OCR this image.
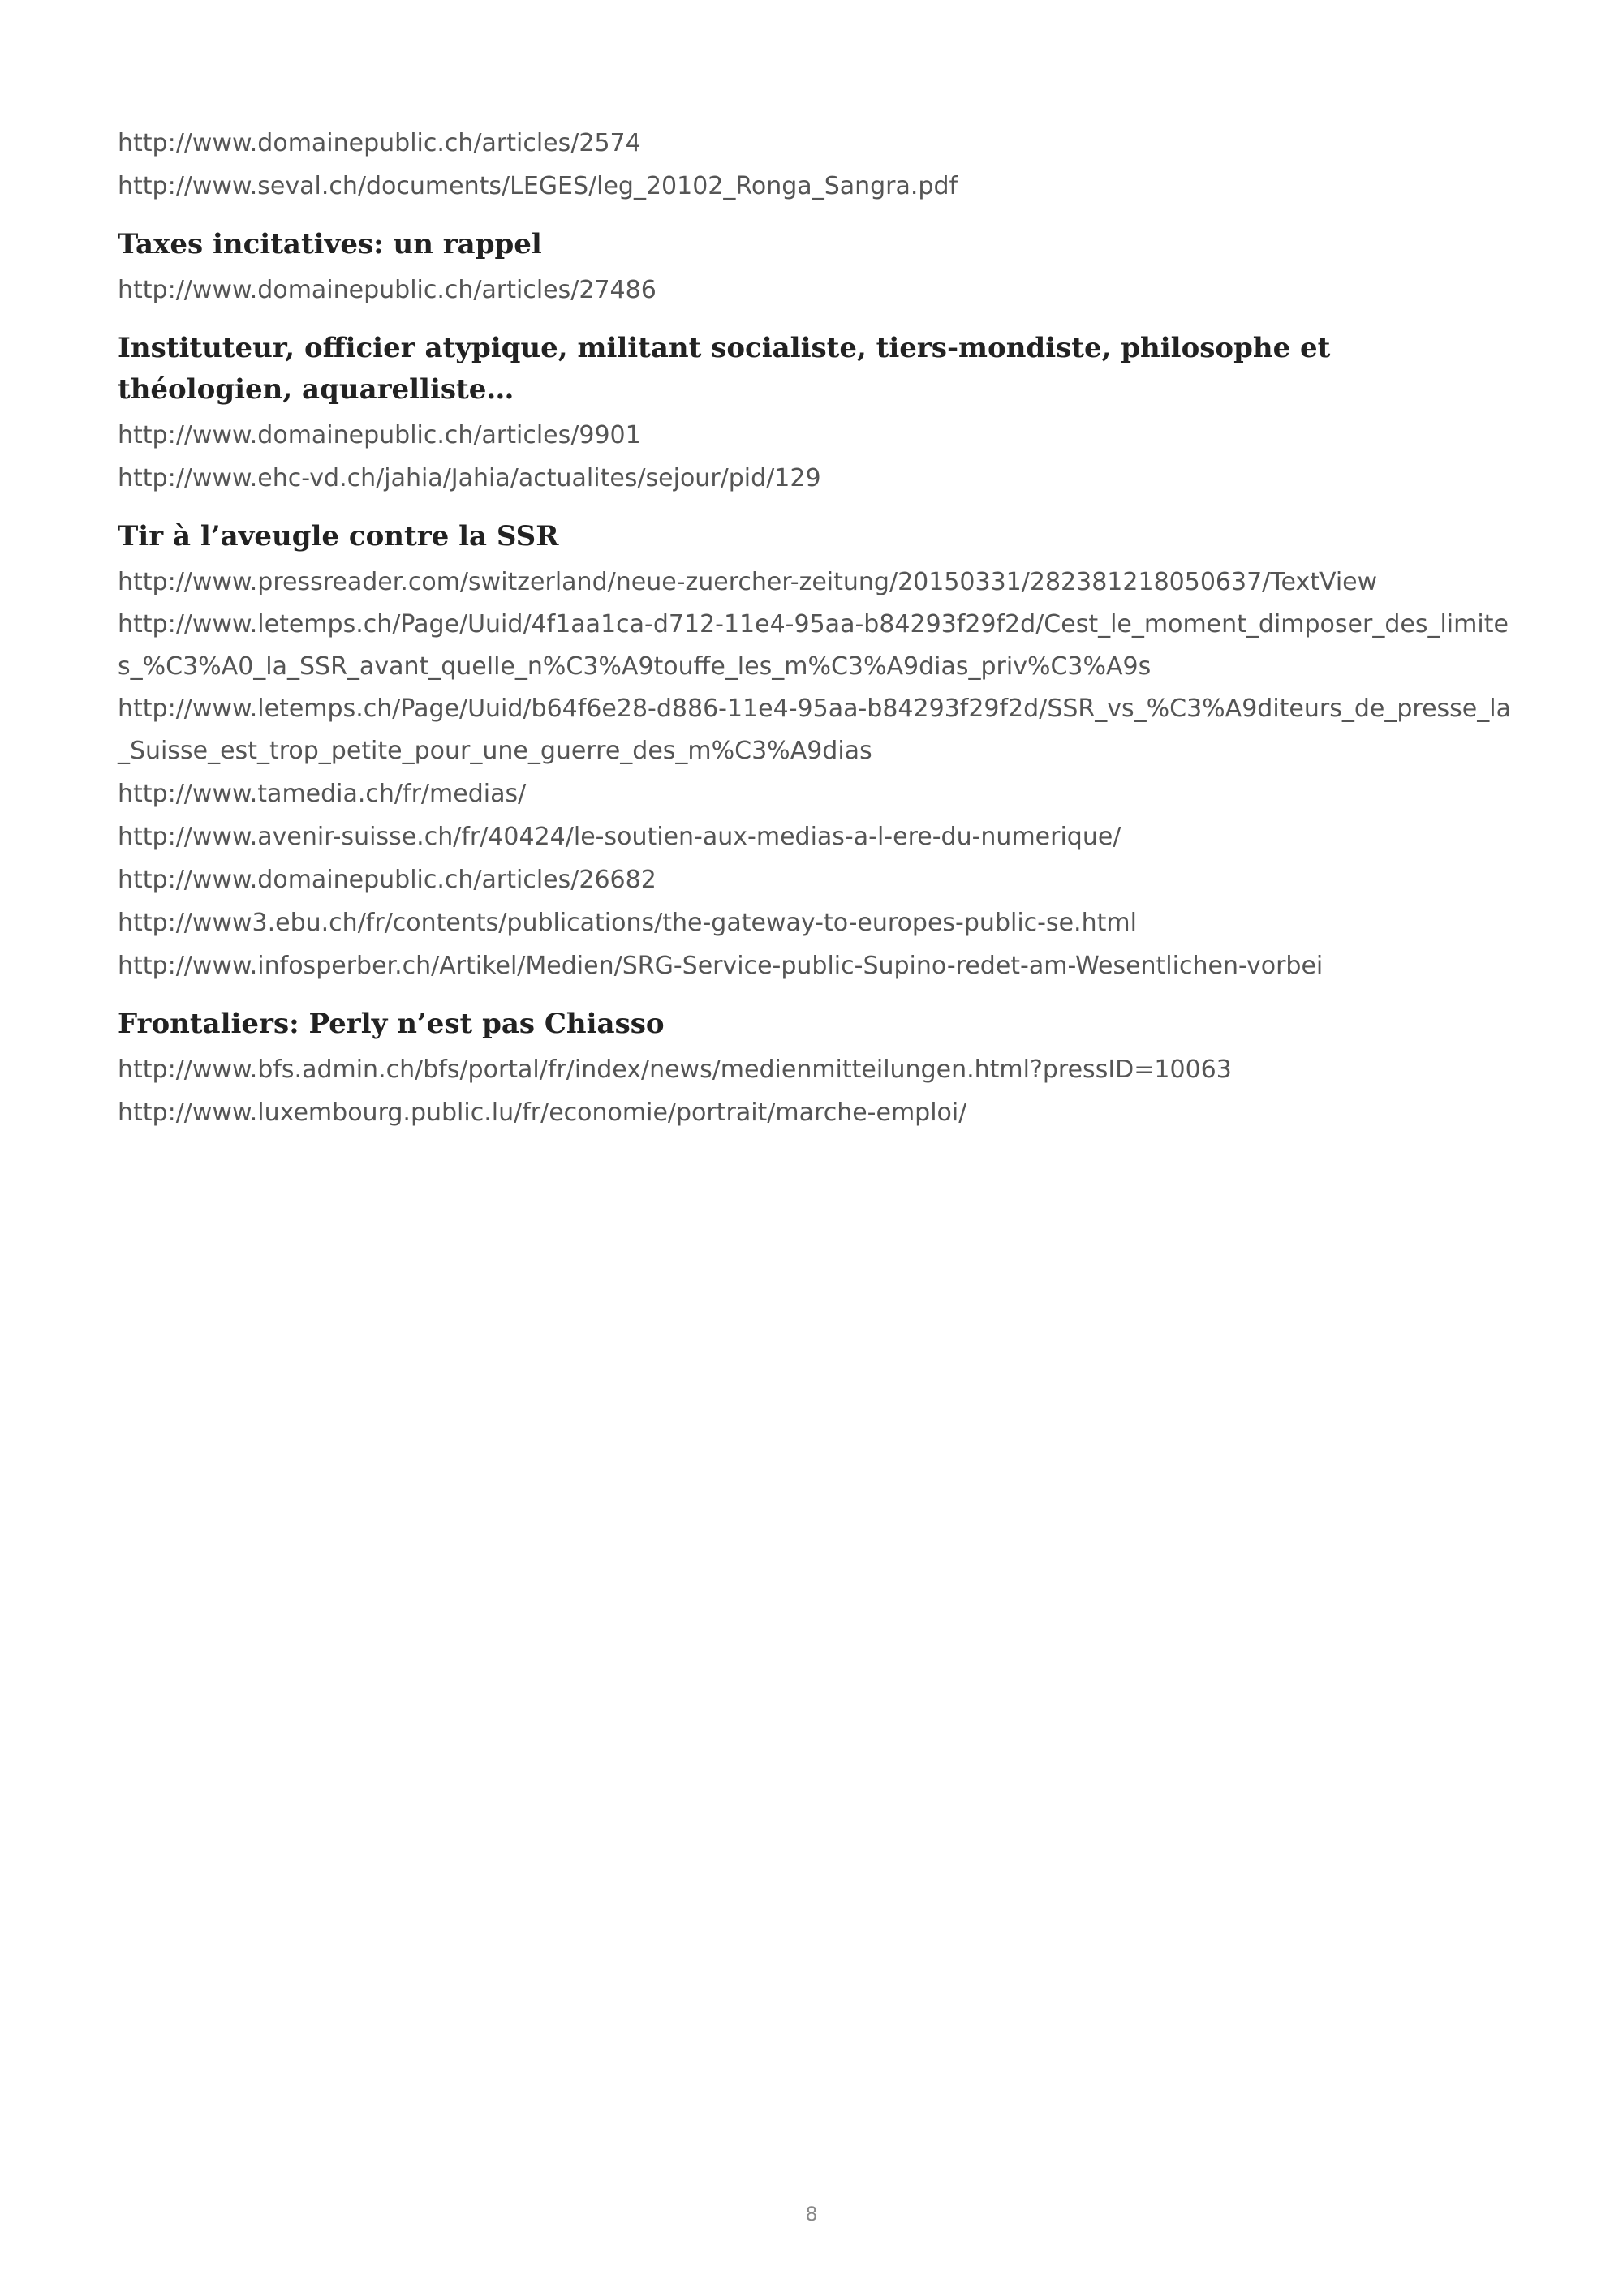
http://www.domainepublic.ch/articles/2574
http://www.seval.ch/documents/LEGES/leg_20102_Ronga_Sangra.pdf
Taxes incitatives: un rappel
http://www.domainepublic.ch/articles/27486
Instituteur, officier atypique, militant socialiste, tiers-mondiste, philosophe et théologien, aquarelliste…
http://www.domainepublic.ch/articles/9901
http://www.ehc-vd.ch/jahia/Jahia/actualites/sejour/pid/129
Tir à l’aveugle contre la SSR
http://www.pressreader.com/switzerland/neue-zuercher-zeitung/20150331/282381218050637/TextView
http://www.letemps.ch/Page/Uuid/4f1aa1ca-d712-11e4-95aa-b84293f29f2d/Cest_le_moment_dimposer_des_limites_%C3%A0_la_SSR_avant_quelle_n%C3%A9touffe_les_m%C3%A9dias_priv%C3%A9s
http://www.letemps.ch/Page/Uuid/b64f6e28-d886-11e4-95aa-b84293f29f2d/SSR_vs_%C3%A9diteurs_de_presse_la_Suisse_est_trop_petite_pour_une_guerre_des_m%C3%A9dias
http://www.tamedia.ch/fr/medias/
http://www.avenir-suisse.ch/fr/40424/le-soutien-aux-medias-a-l-ere-du-numerique/
http://www.domainepublic.ch/articles/26682
http://www3.ebu.ch/fr/contents/publications/the-gateway-to-europes-public-se.html
http://www.infosperber.ch/Artikel/Medien/SRG-Service-public-Supino-redet-am-Wesentlichen-vorbei
Frontaliers: Perly n’est pas Chiasso
http://www.bfs.admin.ch/bfs/portal/fr/index/news/medienmitteilungen.html?pressID=10063
http://www.luxembourg.public.lu/fr/economie/portrait/marche-emploi/
8
